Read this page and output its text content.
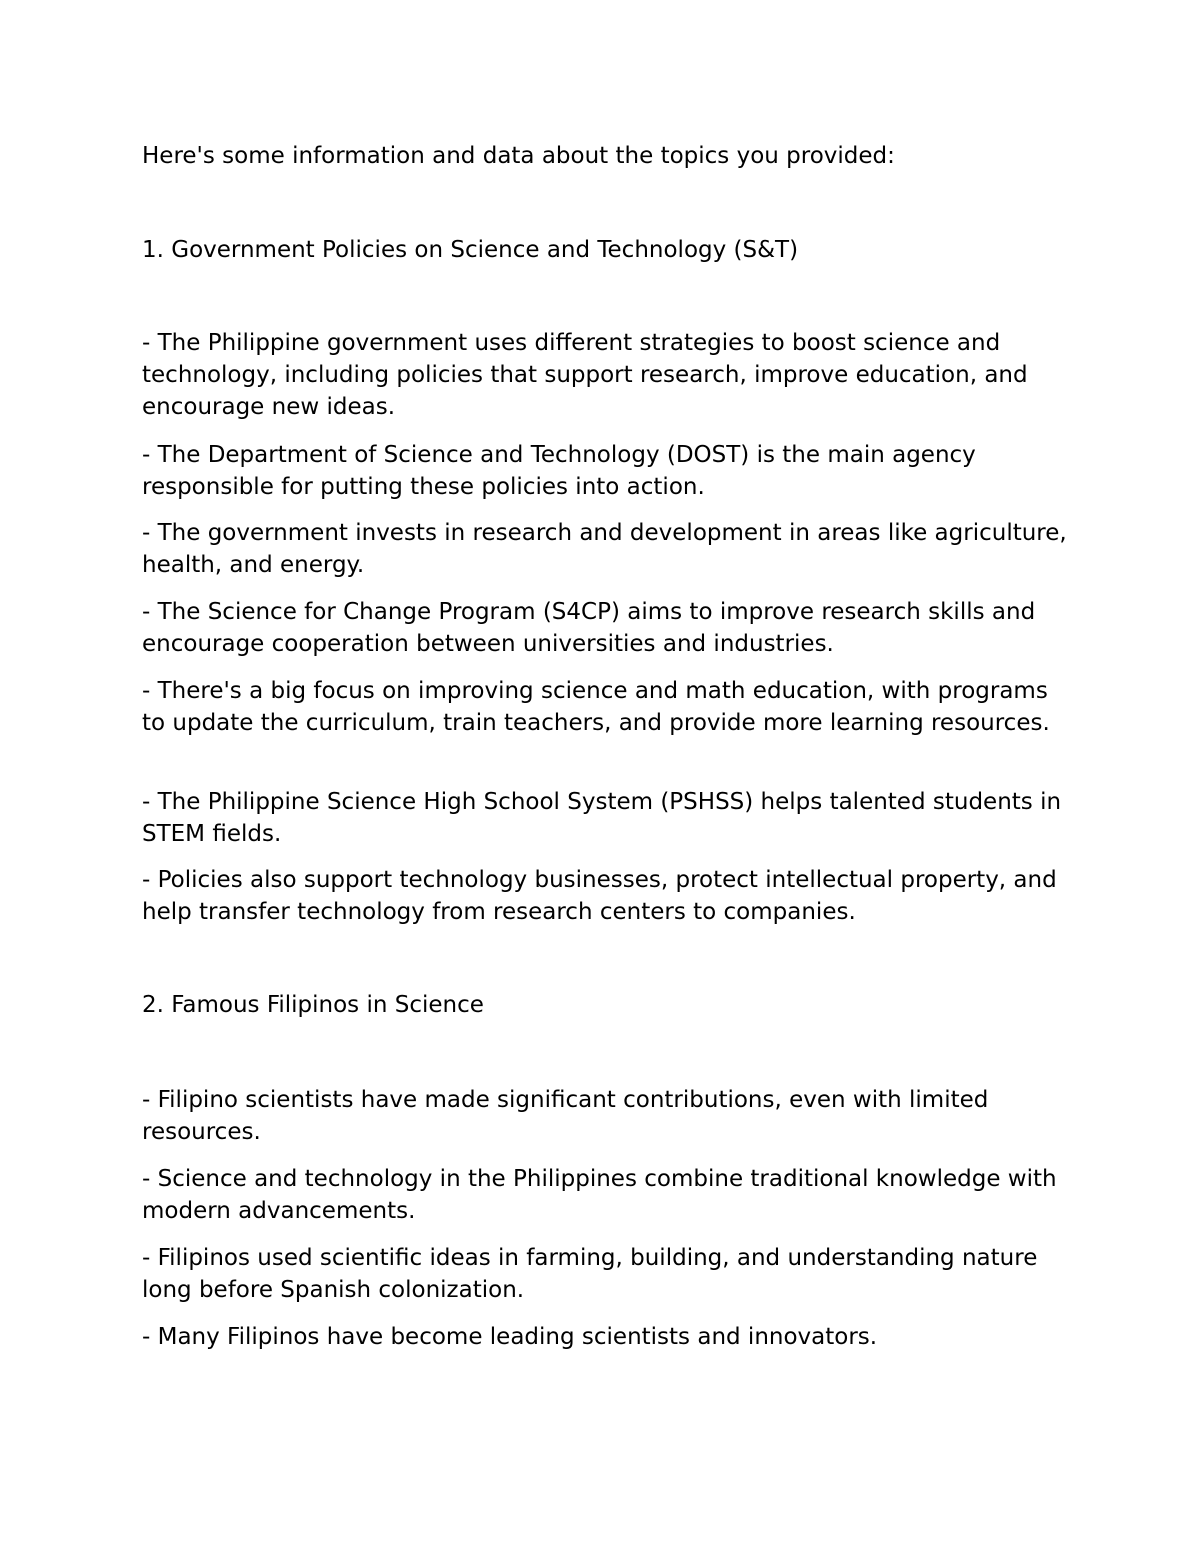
Here's some information and data about the topics you provided:

1. Government Policies on Science and Technology (S&T)

- The Philippine government uses different strategies to boost science and technology, including policies that support research, improve education, and encourage new ideas.

- The Department of Science and Technology (DOST) is the main agency responsible for putting these policies into action.

- The government invests in research and development in areas like agriculture, health, and energy.

- The Science for Change Program (S4CP) aims to improve research skills and encourage cooperation between universities and industries.

- There's a big focus on improving science and math education, with programs to update the curriculum, train teachers, and provide more learning resources.

- The Philippine Science High School System (PSHSS) helps talented students in STEM fields.

- Policies also support technology businesses, protect intellectual property, and help transfer technology from research centers to companies.

2. Famous Filipinos in Science

- Filipino scientists have made significant contributions, even with limited resources.

- Science and technology in the Philippines combine traditional knowledge with modern advancements.

- Filipinos used scientific ideas in farming, building, and understanding nature long before Spanish colonization.

- Many Filipinos have become leading scientists and innovators.
